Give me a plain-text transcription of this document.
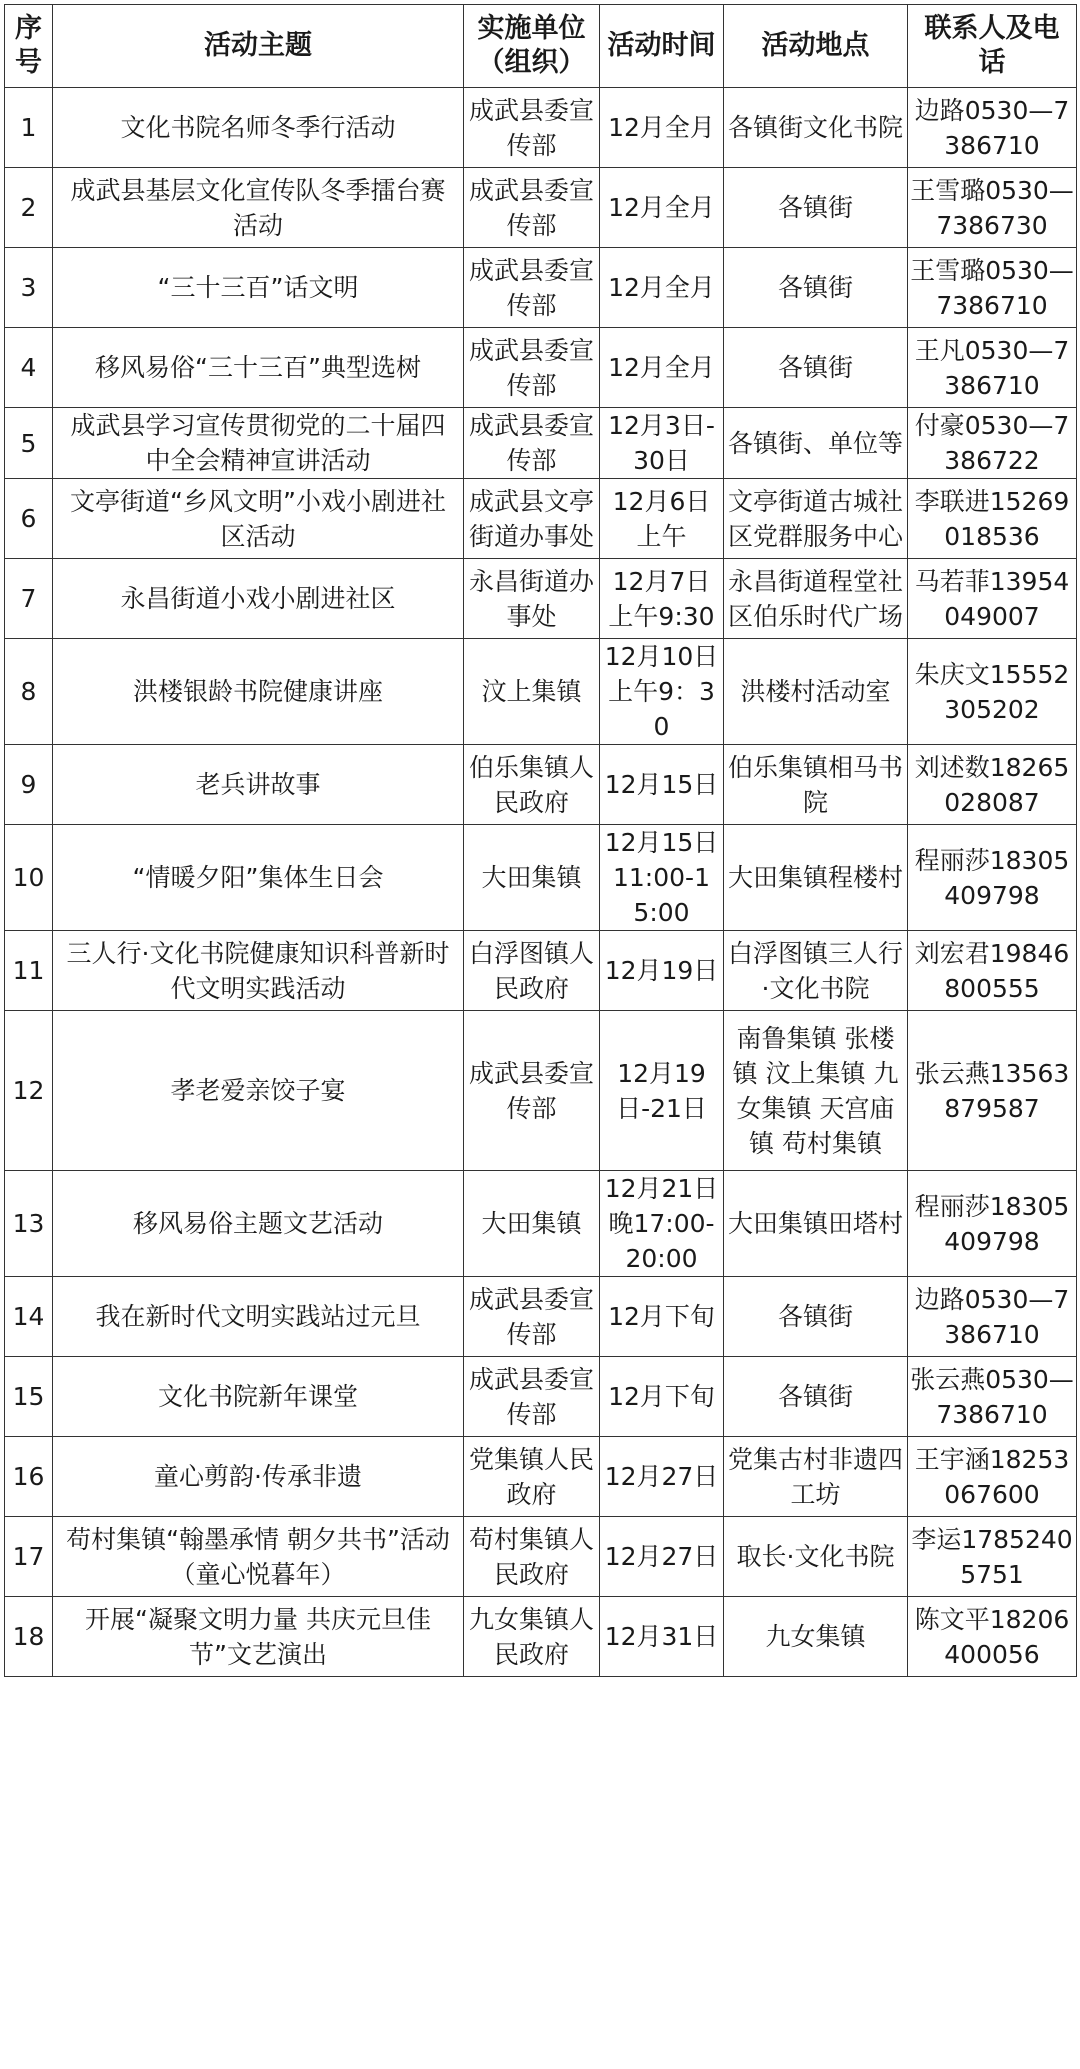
序号	活动主题	实施单位（组织）	活动时间	活动地点	联系人及电话
1	文化书院名师冬季行活动	成武县委宣传部	12月全月	各镇街文化书院	边路0530—7386710
2	成武县基层文化宣传队冬季擂台赛活动	成武县委宣传部	12月全月	各镇街	王雪璐0530—7386730
3	“三十三百”话文明	成武县委宣传部	12月全月	各镇街	王雪璐0530—7386710
4	移风易俗“三十三百”典型选树	成武县委宣传部	12月全月	各镇街	王凡0530—7386710
5	成武县学习宣传贯彻党的二十届四中全会精神宣讲活动	成武县委宣传部	12月3日-30日	各镇街、单位等	付豪0530—7386722
6	文亭街道“乡风文明”小戏小剧进社区活动	成武县文亭街道办事处	12月6日上午	文亭街道古城社区党群服务中心	李联进15269018536
7	永昌街道小戏小剧进社区	永昌街道办事处	12月7日上午9:30	永昌街道程堂社区伯乐时代广场	马若菲13954049007
8	洪楼银龄书院健康讲座	汶上集镇	12月10日上午9：30	洪楼村活动室	朱庆文15552305202
9	老兵讲故事	伯乐集镇人民政府	12月15日	伯乐集镇相马书院	刘述数18265028087
10	“情暖夕阳”集体生日会	大田集镇	12月15日11:00-15:00	大田集镇程楼村	程丽莎18305409798
11	三人行·文化书院健康知识科普新时代文明实践活动	白浮图镇人民政府	12月19日	白浮图镇三人行·文化书院	刘宏君19846800555
12	孝老爱亲饺子宴	成武县委宣传部	12月19日-21日	南鲁集镇 张楼镇 汶上集镇 九女集镇 天宫庙镇 苟村集镇	张云燕13563879587
13	移风易俗主题文艺活动	大田集镇	12月21日晚17:00-20:00	大田集镇田塔村	程丽莎18305409798
14	我在新时代文明实践站过元旦	成武县委宣传部	12月下旬	各镇街	边路0530—7386710
15	文化书院新年课堂	成武县委宣传部	12月下旬	各镇街	张云燕0530—7386710
16	童心剪韵·传承非遗	党集镇人民政府	12月27日	党集古村非遗四工坊	王宇涵18253067600
17	苟村集镇“翰墨承情 朝夕共书”活动（童心悦暮年）	苟村集镇人民政府	12月27日	取长·文化书院	李运17852405751
18	开展“凝聚文明力量 共庆元旦佳节”文艺演出	九女集镇人民政府	12月31日	九女集镇	陈文平18206400056
